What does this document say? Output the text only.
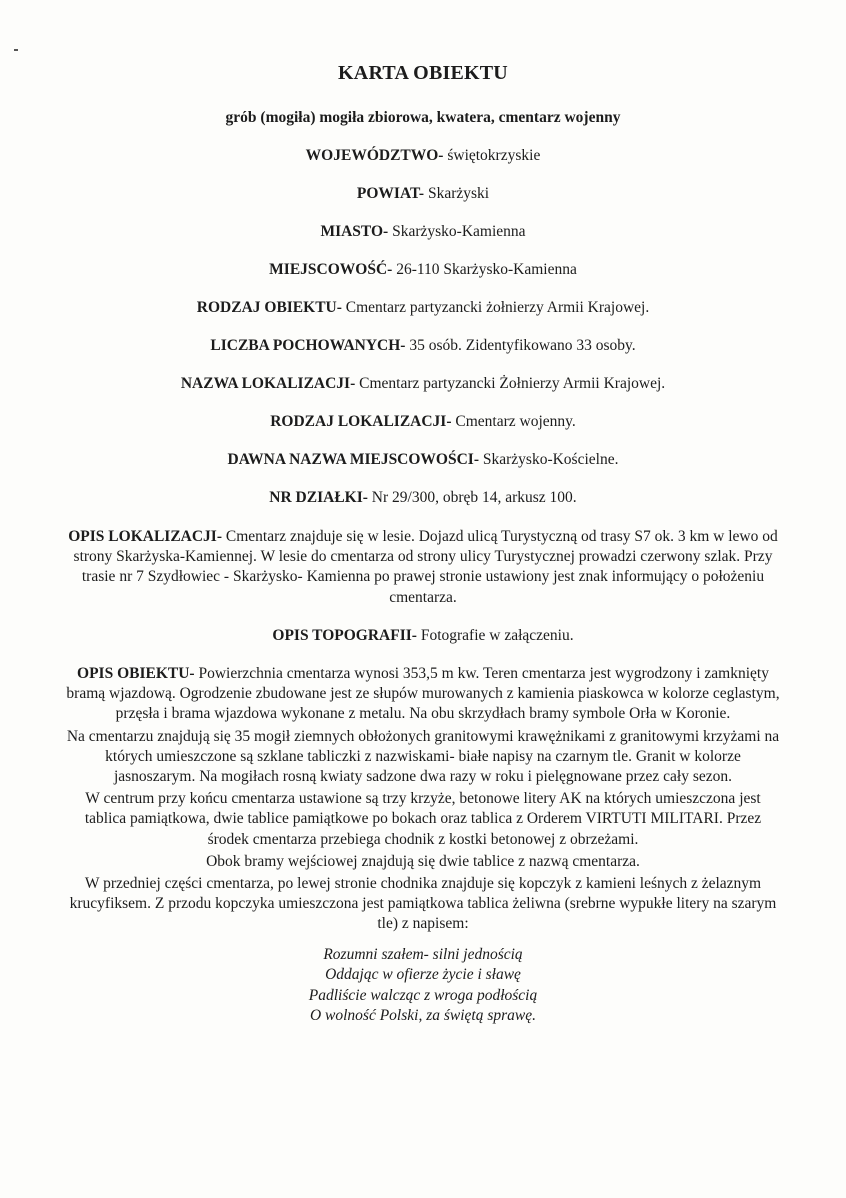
KARTA OBIEKTU
grób (mogiła) mogiła zbiorowa, kwatera, cmentarz wojenny
WOJEWÓDZTWO- świętokrzyskie
POWIAT- Skarżyski
MIASTO- Skarżysko-Kamienna
MIEJSCOWOŚĆ- 26-110 Skarżysko-Kamienna
RODZAJ OBIEKTU- Cmentarz partyzancki żołnierzy Armii Krajowej.
LICZBA POCHOWANYCH- 35 osób. Zidentyfikowano 33 osoby.
NAZWA LOKALIZACJI- Cmentarz partyzancki Żołnierzy Armii Krajowej.
RODZAJ LOKALIZACJI- Cmentarz wojenny.
DAWNA NAZWA MIEJSCOWOŚCI- Skarżysko-Kościelne.
NR DZIAŁKI- Nr 29/300, obręb 14, arkusz 100.
OPIS LOKALIZACJI- Cmentarz znajduje się w lesie. Dojazd ulicą Turystyczną od trasy S7 ok. 3 km w lewo od strony Skarżyska-Kamiennej. W lesie do cmentarza od strony ulicy Turystycznej prowadzi czerwony szlak. Przy trasie nr 7 Szydłowiec - Skarżysko- Kamienna po prawej stronie ustawiony jest znak informujący o położeniu cmentarza.
OPIS TOPOGRAFII- Fotografie w załączeniu.
OPIS OBIEKTU- Powierzchnia cmentarza wynosi 353,5 m kw. Teren cmentarza jest wygrodzony i zamknięty bramą wjazdową. Ogrodzenie zbudowane jest ze słupów murowanych z kamienia piaskowca w kolorze ceglastym, przęsła i brama wjazdowa wykonane z metalu. Na obu skrzydłach bramy symbole Orła w Koronie.
Na cmentarzu znajdują się 35 mogił ziemnych obłożonych granitowymi krawężnikami z granitowymi krzyżami na których umieszczone są szklane tabliczki z nazwiskami- białe napisy na czarnym tle. Granit w kolorze jasnoszarym. Na mogiłach rosną kwiaty sadzone dwa razy w roku i pielęgnowane przez cały sezon.
W centrum przy końcu cmentarza ustawione są trzy krzyże, betonowe litery AK na których umieszczona jest tablica pamiątkowa, dwie tablice pamiątkowe po bokach oraz tablica z Orderem VIRTUTI MILITARI. Przez środek cmentarza przebiega chodnik z kostki betonowej z obrzeżami.
Obok bramy wejściowej znajdują się dwie tablice z nazwą cmentarza.
W przedniej części cmentarza, po lewej stronie chodnika znajduje się kopczyk z kamieni leśnych z żelaznym krucyfiksem. Z przodu kopczyka umieszczona jest pamiątkowa tablica żeliwna (srebrne wypukłe litery na szarym tle) z napisem:
Rozumni szałem- silni jednością
Oddając w ofierze życie i sławę
Padliście walcząc z wroga podłością
O wolność Polski, za świętą sprawę.
